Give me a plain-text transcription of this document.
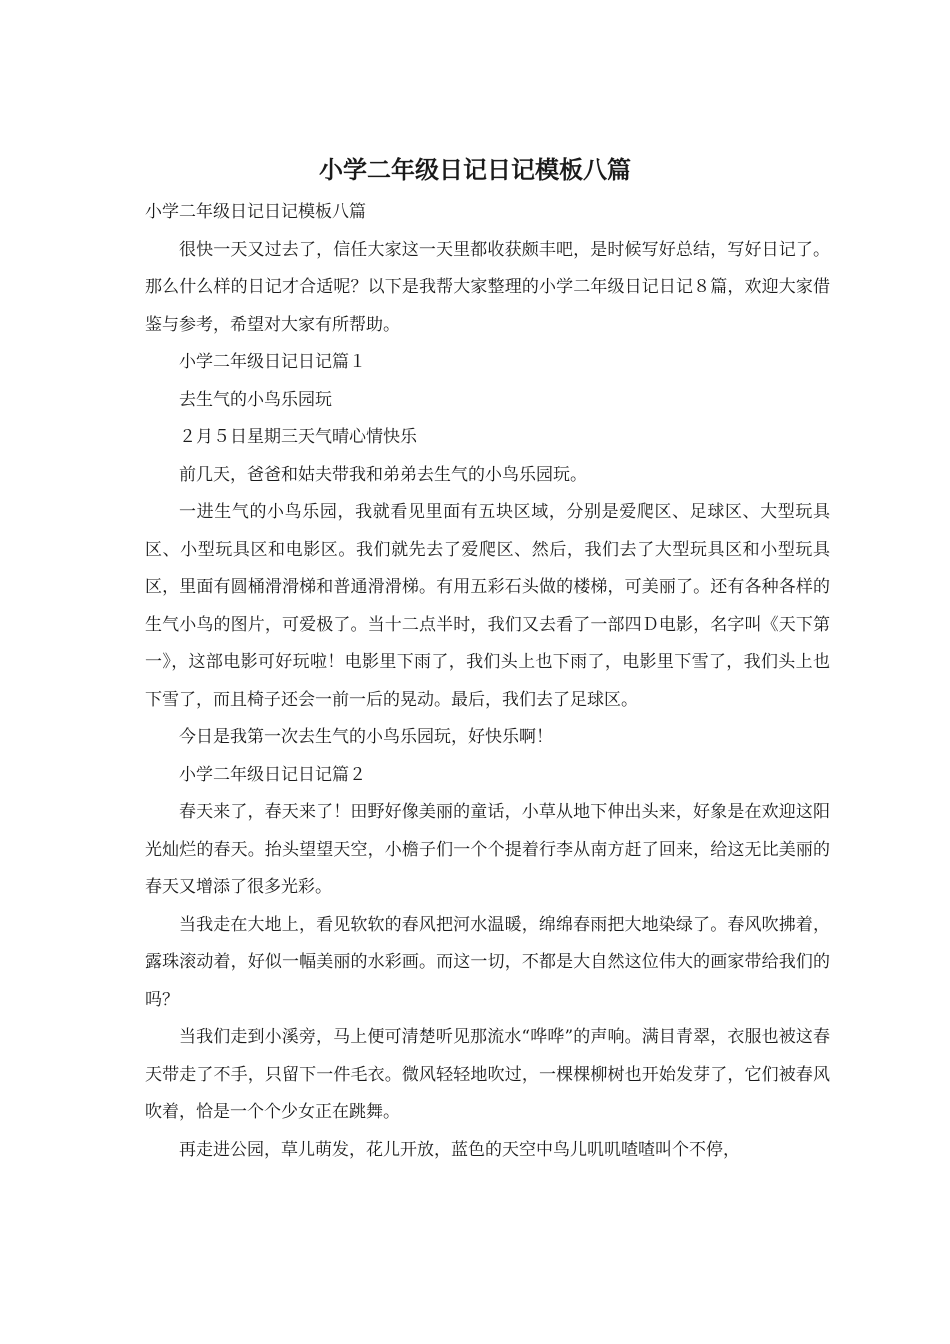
小学二年级日记日记模板八篇

小学二年级日记日记模板八篇

很快一天又过去了，信任大家这一天里都收获颇丰吧，是时候写好总结，写好日记了。那么什么样的日记才合适呢？以下是我帮大家整理的小学二年级日记日记８篇，欢迎大家借鉴与参考，希望对大家有所帮助。

小学二年级日记日记篇１

去生气的小鸟乐园玩

２月５日星期三天气晴心情快乐

前几天，爸爸和姑夫带我和弟弟去生气的小鸟乐园玩。

一进生气的小鸟乐园，我就看见里面有五块区域，分别是爱爬区、足球区、大型玩具区、小型玩具区和电影区。我们就先去了爱爬区、然后，我们去了大型玩具区和小型玩具区，里面有圆桶滑滑梯和普通滑滑梯。有用五彩石头做的楼梯，可美丽了。还有各种各样的生气小鸟的图片，可爱极了。当十二点半时，我们又去看了一部四Ｄ电影，名字叫《天下第一》，这部电影可好玩啦！电影里下雨了，我们头上也下雨了，电影里下雪了，我们头上也下雪了，而且椅子还会一前一后的晃动。最后，我们去了足球区。

今日是我第一次去生气的小鸟乐园玩，好快乐啊！

小学二年级日记日记篇２

春天来了，春天来了！田野好像美丽的童话，小草从地下伸出头来，好象是在欢迎这阳光灿烂的春天。抬头望望天空，小檐子们一个个提着行李从南方赶了回来，给这无比美丽的春天又增添了很多光彩。

当我走在大地上，看见软软的春风把河水温暖，绵绵春雨把大地染绿了。春风吹拂着，露珠滚动着，好似一幅美丽的水彩画。而这一切，不都是大自然这位伟大的画家带给我们的吗？

当我们走到小溪旁，马上便可清楚听见那流水“哗哗”的声响。满目青翠，衣服也被这春天带走了不手，只留下一件毛衣。微风轻轻地吹过，一棵棵柳树也开始发芽了，它们被春风吹着，恰是一个个少女正在跳舞。

再走进公园，草儿萌发，花儿开放，蓝色的天空中鸟儿叽叽喳喳叫个不停，
